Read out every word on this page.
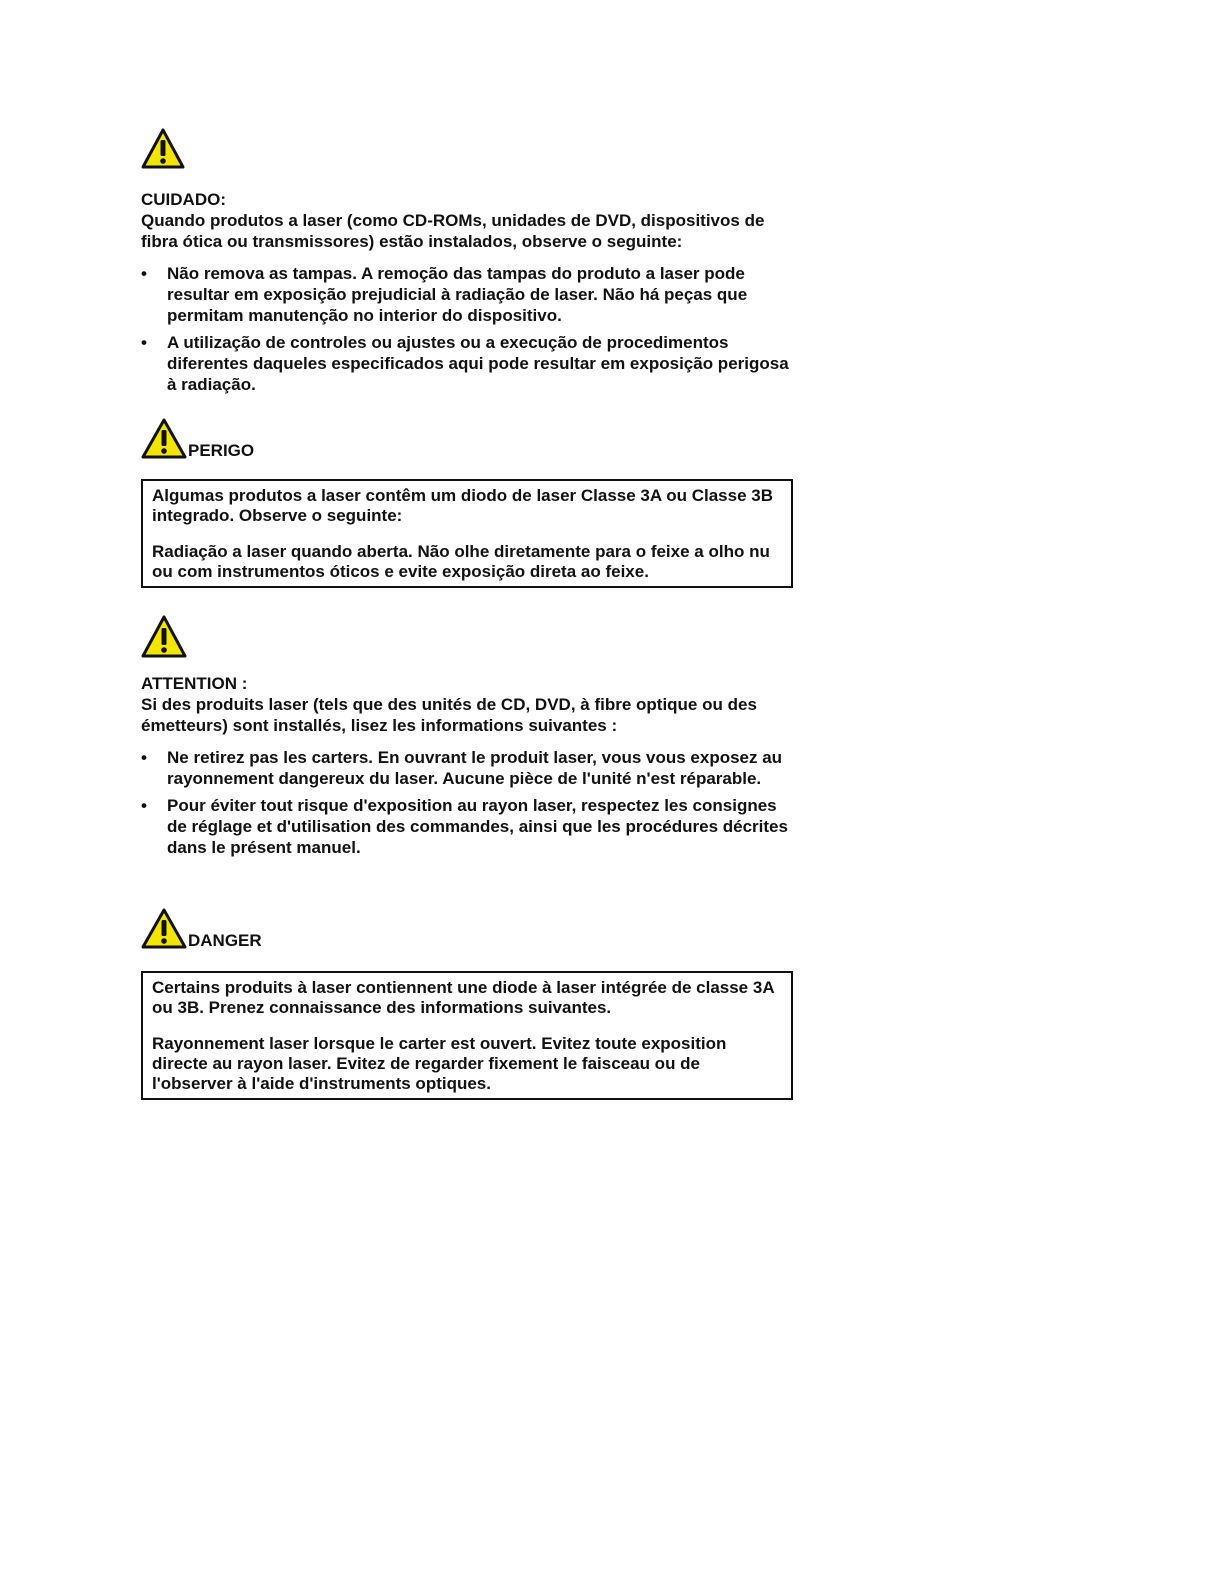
CUIDADO:

Quando produtos a laser (como CD-ROMs, unidades de DVD, dispositivos de fibra ótica ou transmissores) estão instalados, observe o seguinte:

•	Não remova as tampas. A remoção das tampas do produto a laser pode resultar em exposição prejudicial à radiação de laser. Não há peças que permitam manutenção no interior do dispositivo.
•	A utilização de controles ou ajustes ou a execução de procedimentos diferentes daqueles especificados aqui pode resultar em exposição perigosa à radiação.
PERIGO

Algumas produtos a laser contêm um diodo de laser Classe 3A ou Classe 3B integrado. Observe o seguinte:

Radiação a laser quando aberta. Não olhe diretamente para o feixe a olho nu ou com instrumentos óticos e evite exposição direta ao feixe.

ATTENTION :

Si des produits laser (tels que des unités de CD, DVD, à fibre optique ou des émetteurs) sont installés, lisez les informations suivantes :

•	Ne retirez pas les carters. En ouvrant le produit laser, vous vous exposez au rayonnement dangereux du laser. Aucune pièce de l'unité n'est réparable.
•	Pour éviter tout risque d'exposition au rayon laser, respectez les consignes de réglage et d'utilisation des commandes, ainsi que les procédures décrites dans le présent manuel.
DANGER

Certains produits à laser contiennent une diode à laser intégrée de classe 3A ou 3B. Prenez connaissance des informations suivantes.

Rayonnement laser lorsque le carter est ouvert. Evitez toute exposition directe au rayon laser. Evitez de regarder fixement le faisceau ou de l'observer à l'aide d'instruments optiques.
